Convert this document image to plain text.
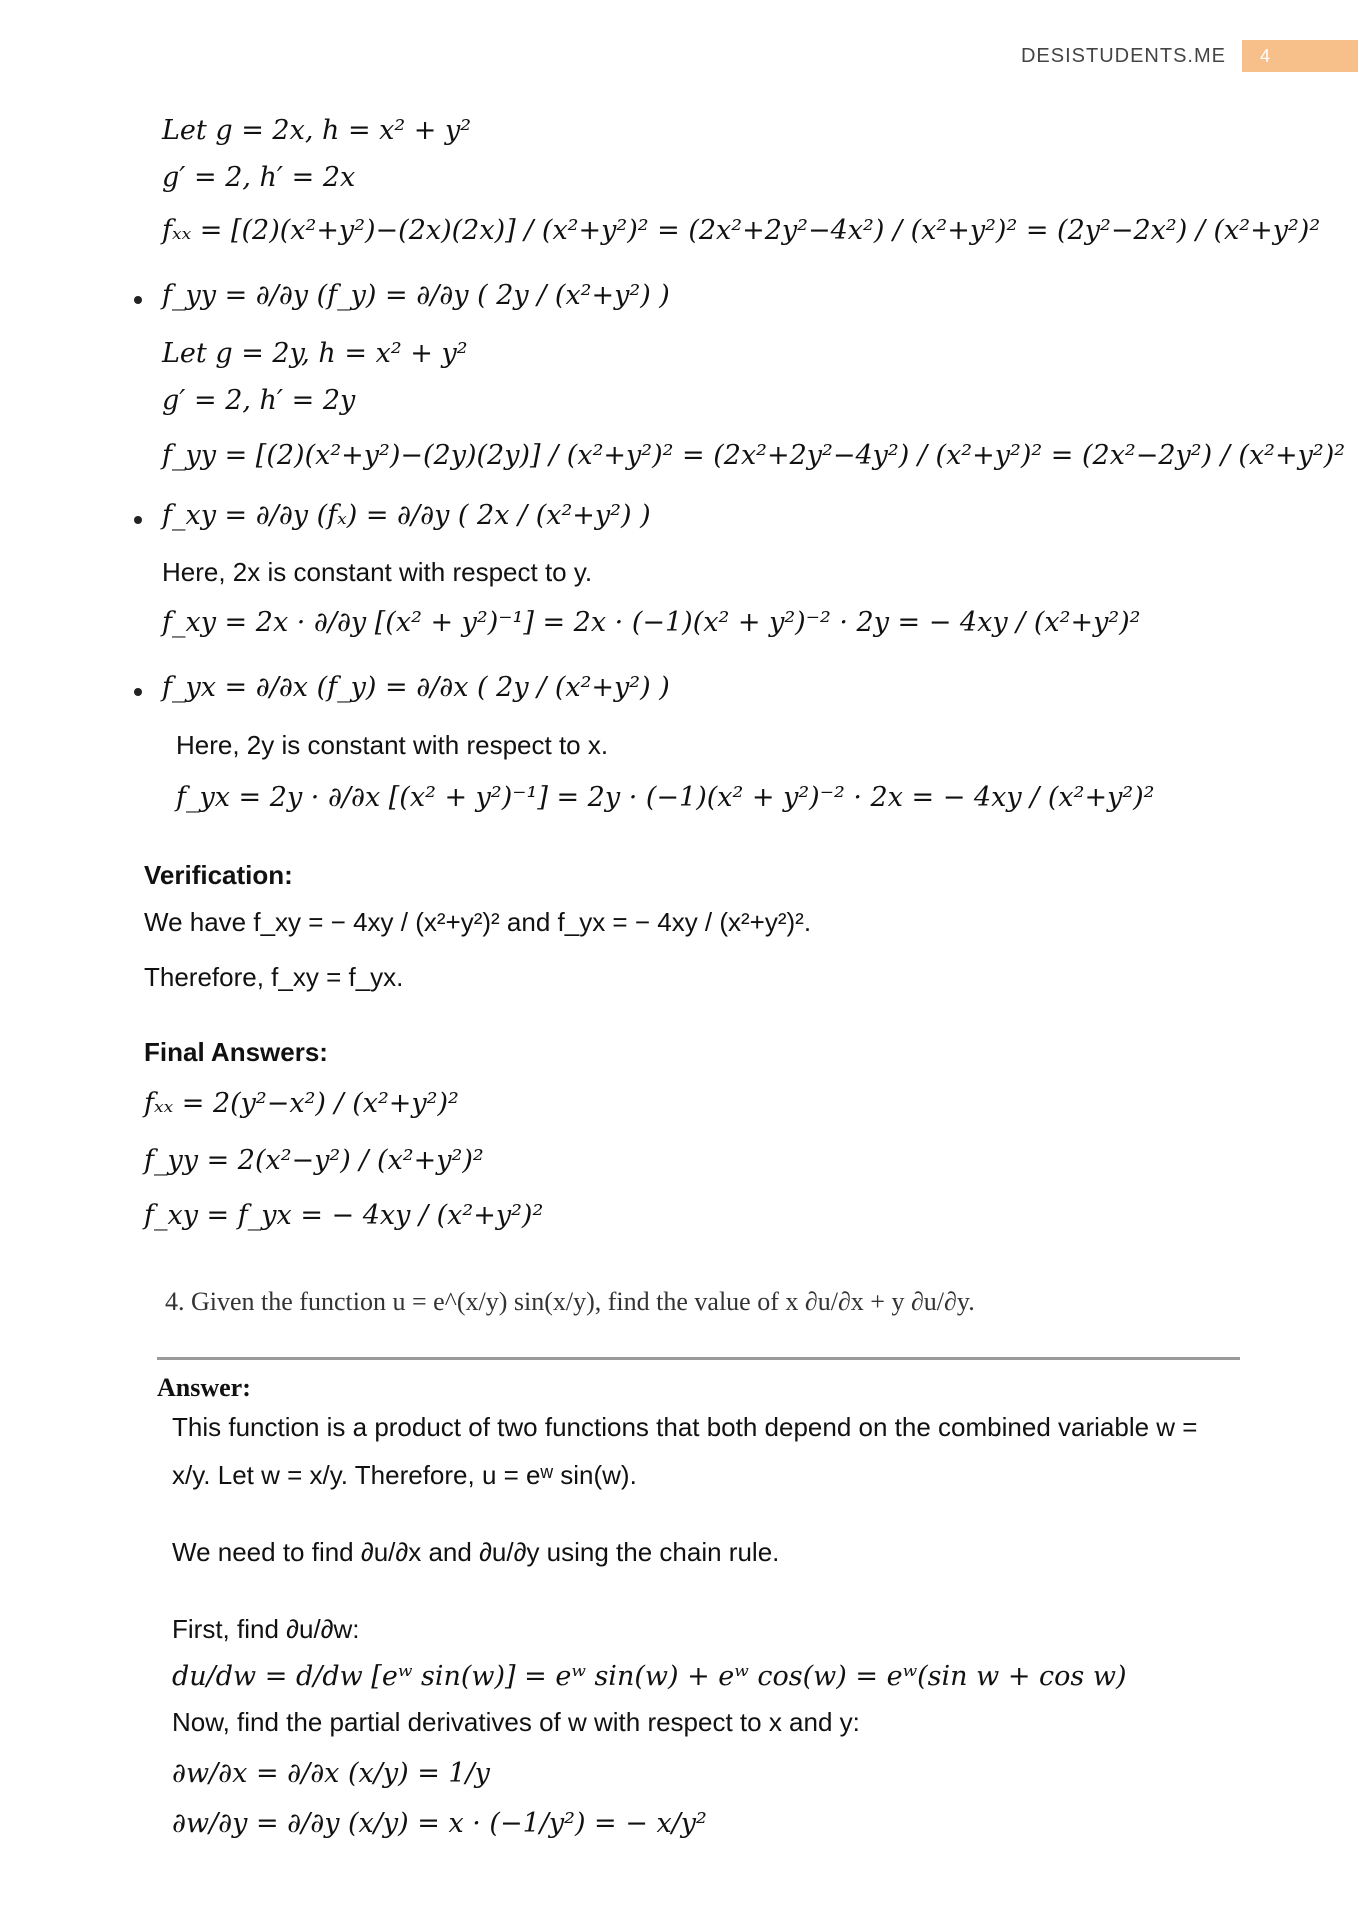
DESISTUDENTS.ME	4
Let g = 2x, h = x² + y²
g′ = 2, h′ = 2x
fₓₓ = [(2)(x²+y²)−(2x)(2x)] / (x²+y²)² = (2x²+2y²−4x²) / (x²+y²)² = (2y²−2x²) / (x²+y²)²
f_yy = ∂/∂y (f_y) = ∂/∂y ( 2y / (x²+y²) )
Let g = 2y, h = x² + y²
g′ = 2, h′ = 2y
f_yy = [(2)(x²+y²)−(2y)(2y)] / (x²+y²)² = (2x²+2y²−4y²) / (x²+y²)² = (2x²−2y²) / (x²+y²)²
f_xy = ∂/∂y (fₓ) = ∂/∂y ( 2x / (x²+y²) )
Here, 2x is constant with respect to y.
f_xy = 2x · ∂/∂y [(x² + y²)⁻¹] = 2x · (−1)(x² + y²)⁻² · 2y = − 4xy / (x²+y²)²
f_yx = ∂/∂x (f_y) = ∂/∂x ( 2y / (x²+y²) )
Here, 2y is constant with respect to x.
f_yx = 2y · ∂/∂x [(x² + y²)⁻¹] = 2y · (−1)(x² + y²)⁻² · 2x = − 4xy / (x²+y²)²
Verification:
We have f_xy = − 4xy / (x²+y²)² and f_yx = − 4xy / (x²+y²)².
Therefore, f_xy = f_yx.
Final Answers:
fₓₓ = 2(y²−x²) / (x²+y²)²
f_yy = 2(x²−y²) / (x²+y²)²
f_xy = f_yx = − 4xy / (x²+y²)²
4. Given the function u = e^(x/y) sin(x/y), find the value of x ∂u/∂x + y ∂u/∂y.
Answer:
This function is a product of two functions that both depend on the combined variable w =
x/y. Let w = x/y. Therefore, u = eʷ sin(w).
We need to find ∂u/∂x and ∂u/∂y using the chain rule.
First, find ∂u/∂w:
du/dw = d/dw [eʷ sin(w)] = eʷ sin(w) + eʷ cos(w) = eʷ(sin w + cos w)
Now, find the partial derivatives of w with respect to x and y:
∂w/∂x = ∂/∂x (x/y) = 1/y
∂w/∂y = ∂/∂y (x/y) = x · (−1/y²) = − x/y²
